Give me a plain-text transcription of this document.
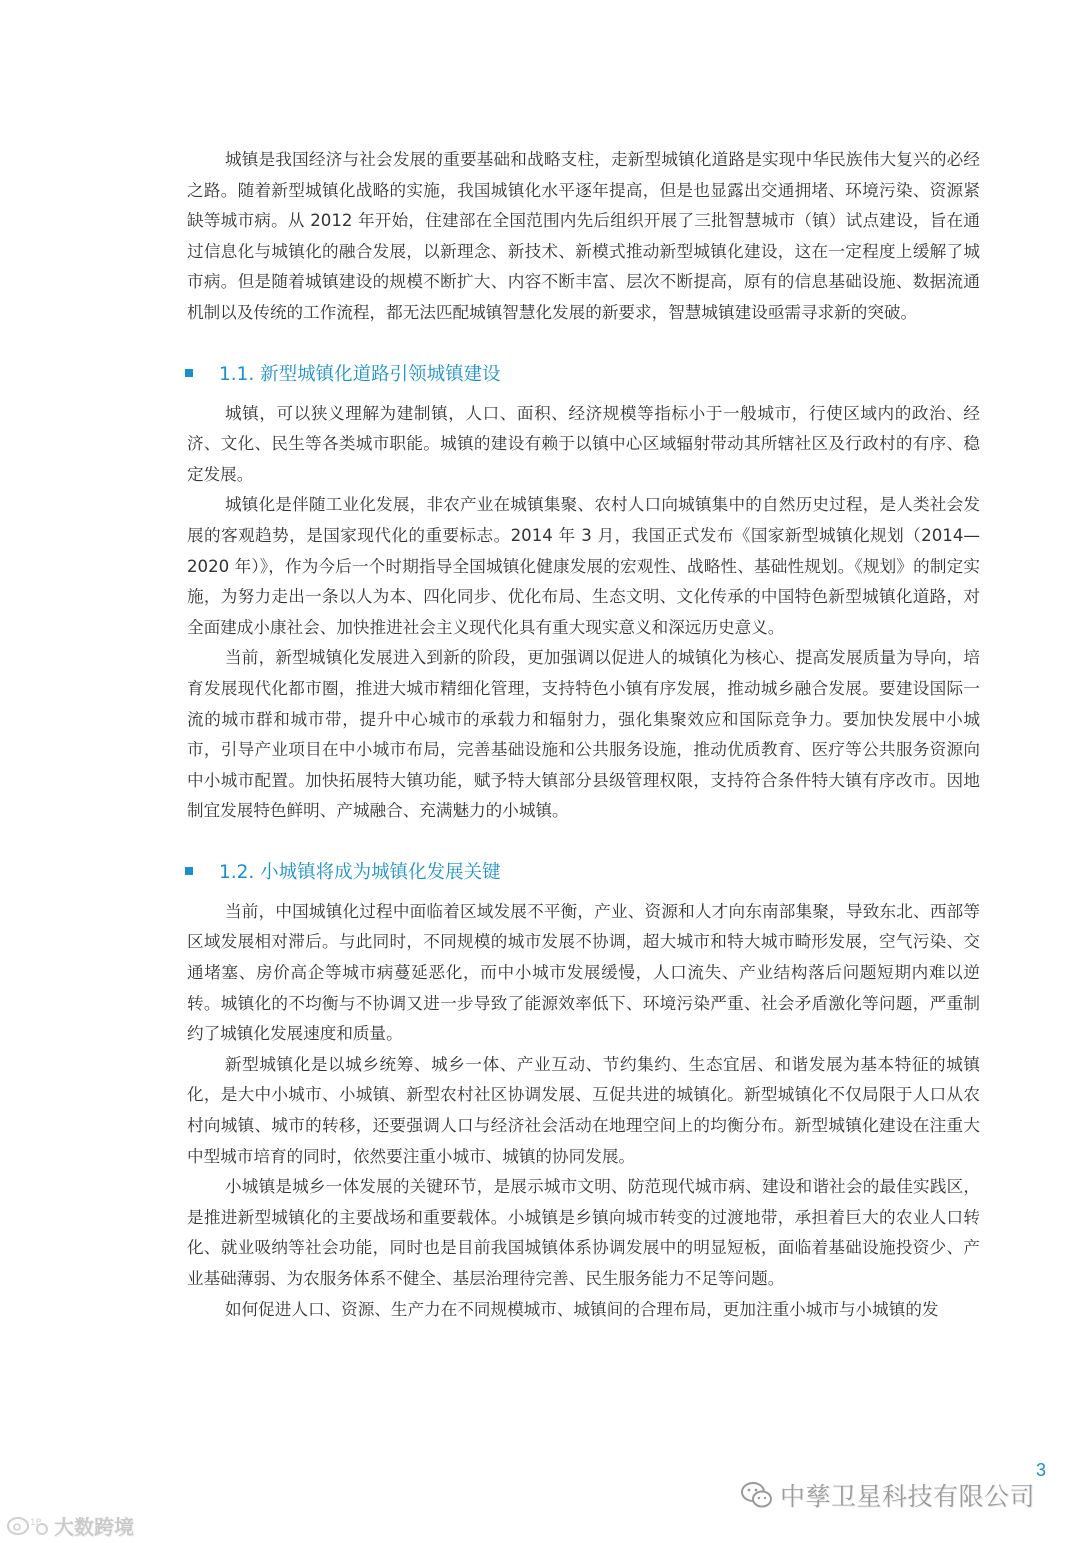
城镇是我国经济与社会发展的重要基础和战略支柱，走新型城镇化道路是实现中华民族伟大复兴的必经之路。随着新型城镇化战略的实施，我国城镇化水平逐年提高，但是也显露出交通拥堵、环境污染、资源紧缺等城市病。从 2012 年开始，住建部在全国范围内先后组织开展了三批智慧城市（镇）试点建设，旨在通过信息化与城镇化的融合发展，以新理念、新技术、新模式推动新型城镇化建设，这在一定程度上缓解了城市病。但是随着城镇建设的规模不断扩大、内容不断丰富、层次不断提高，原有的信息基础设施、数据流通机制以及传统的工作流程，都无法匹配城镇智慧化发展的新要求，智慧城镇建设亟需寻求新的突破。

1.1. 新型城镇化道路引领城镇建设

城镇，可以狭义理解为建制镇，人口、面积、经济规模等指标小于一般城市，行使区域内的政治、经济、文化、民生等各类城市职能。城镇的建设有赖于以镇中心区域辐射带动其所辖社区及行政村的有序、稳定发展。

城镇化是伴随工业化发展，非农产业在城镇集聚、农村人口向城镇集中的自然历史过程，是人类社会发展的客观趋势，是国家现代化的重要标志。2014 年 3 月，我国正式发布《国家新型城镇化规划（2014—2020 年）》，作为今后一个时期指导全国城镇化健康发展的宏观性、战略性、基础性规划。《规划》的制定实施，为努力走出一条以人为本、四化同步、优化布局、生态文明、文化传承的中国特色新型城镇化道路，对全面建成小康社会、加快推进社会主义现代化具有重大现实意义和深远历史意义。

当前，新型城镇化发展进入到新的阶段，更加强调以促进人的城镇化为核心、提高发展质量为导向，培育发展现代化都市圈，推进大城市精细化管理，支持特色小镇有序发展，推动城乡融合发展。要建设国际一流的城市群和城市带，提升中心城市的承载力和辐射力，强化集聚效应和国际竞争力。要加快发展中小城市，引导产业项目在中小城市布局，完善基础设施和公共服务设施，推动优质教育、医疗等公共服务资源向中小城市配置。加快拓展特大镇功能，赋予特大镇部分县级管理权限，支持符合条件特大镇有序改市。因地制宜发展特色鲜明、产城融合、充满魅力的小城镇。

1.2. 小城镇将成为城镇化发展关键

当前，中国城镇化过程中面临着区域发展不平衡，产业、资源和人才向东南部集聚，导致东北、西部等区域发展相对滞后。与此同时，不同规模的城市发展不协调，超大城市和特大城市畸形发展，空气污染、交通堵塞、房价高企等城市病蔓延恶化，而中小城市发展缓慢，人口流失、产业结构落后问题短期内难以逆转。城镇化的不均衡与不协调又进一步导致了能源效率低下、环境污染严重、社会矛盾激化等问题，严重制约了城镇化发展速度和质量。

新型城镇化是以城乡统筹、城乡一体、产业互动、节约集约、生态宜居、和谐发展为基本特征的城镇化，是大中小城市、小城镇、新型农村社区协调发展、互促共进的城镇化。新型城镇化不仅局限于人口从农村向城镇、城市的转移，还要强调人口与经济社会活动在地理空间上的均衡分布。新型城镇化建设在注重大中型城市培育的同时，依然要注重小城市、城镇的协同发展。

小城镇是城乡一体发展的关键环节，是展示城市文明、防范现代城市病、建设和谐社会的最佳实践区，是推进新型城镇化的主要战场和重要载体。小城镇是乡镇向城市转变的过渡地带，承担着巨大的农业人口转化、就业吸纳等社会功能，同时也是目前我国城镇体系协调发展中的明显短板，面临着基础设施投资少、产业基础薄弱、为农服务体系不健全、基层治理待完善、民生服务能力不足等问题。

如何促进人口、资源、生产力在不同规模城市、城镇间的合理布局，更加注重小城市与小城镇的发

3
中孳卫星科技有限公司
1P 大数跨境
